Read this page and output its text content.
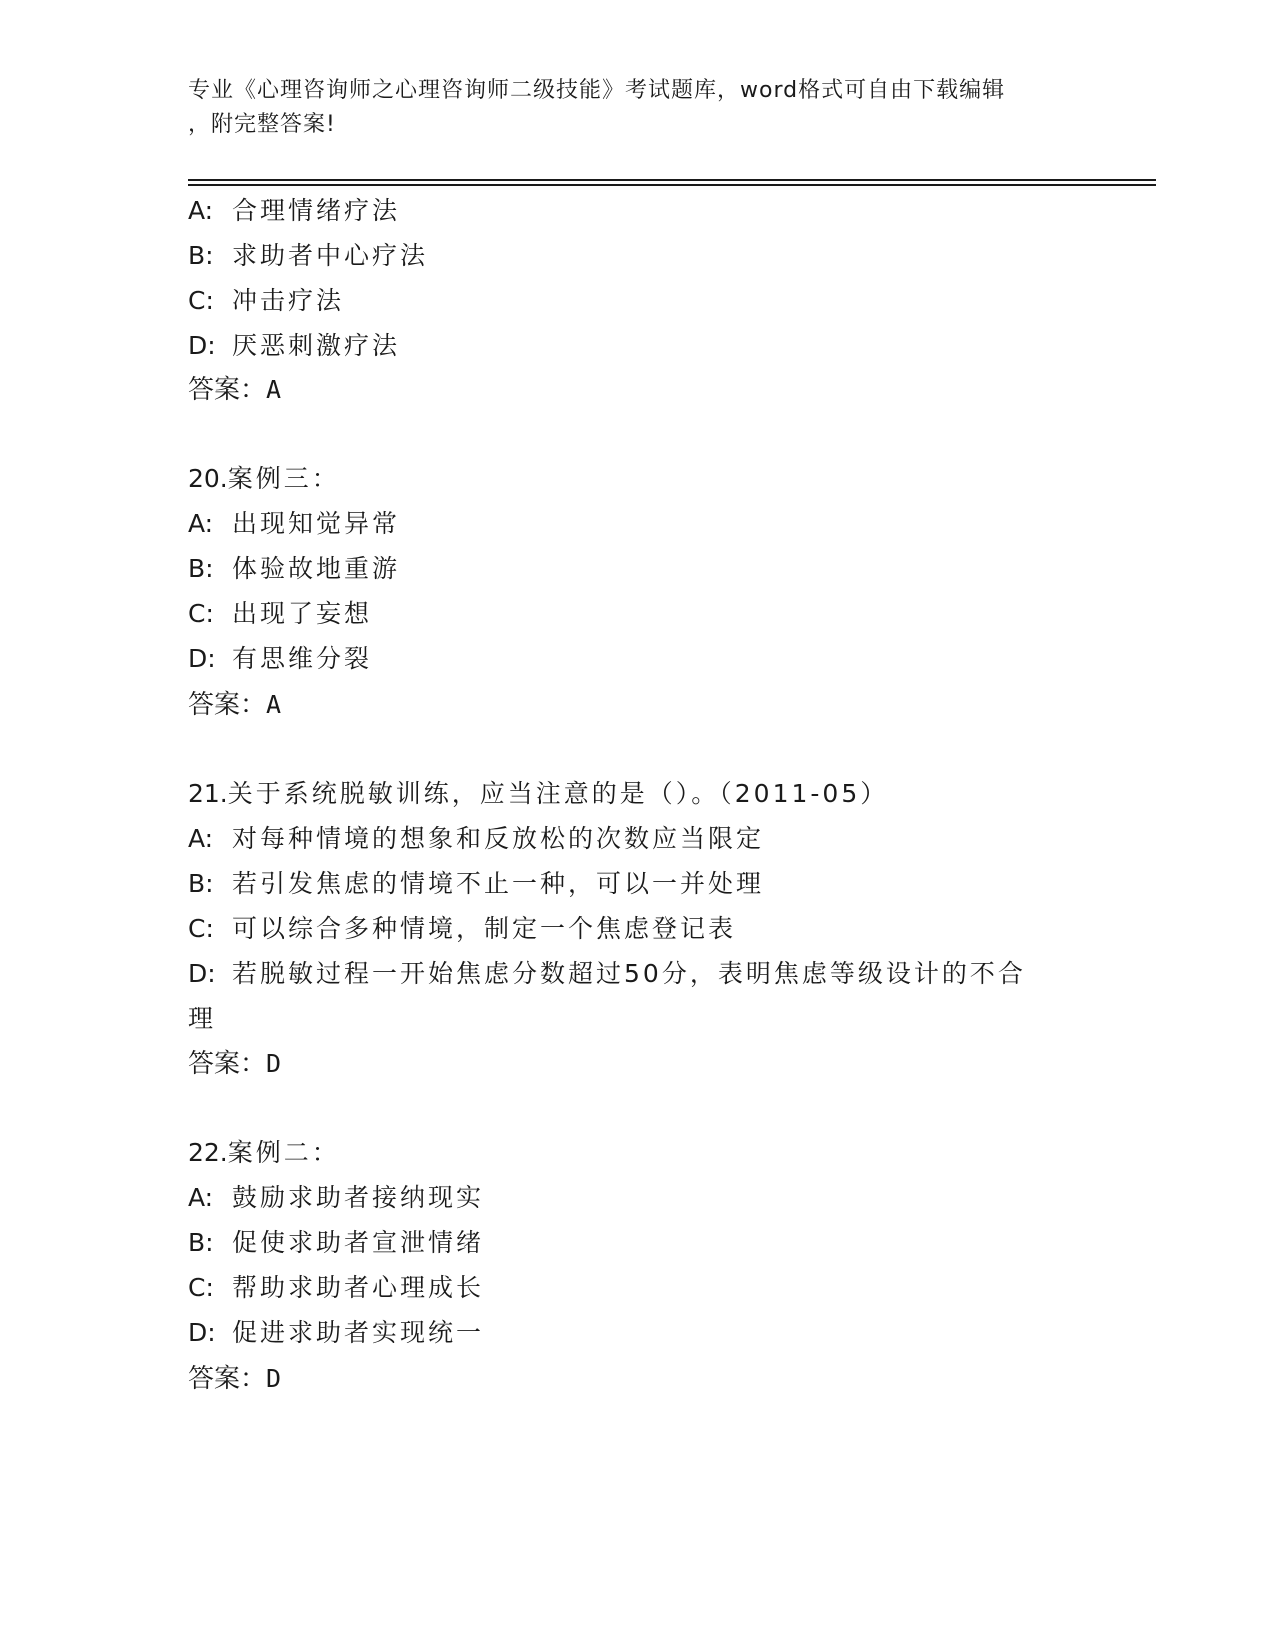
专业《心理咨询师之心理咨询师二级技能》考试题库，word格式可自由下载编辑
，附完整答案!
A: 合理情绪疗法
B: 求助者中心疗法
C: 冲击疗法
D: 厌恶刺激疗法
答案：A
20.案例三：
A: 出现知觉异常
B: 体验故地重游
C: 出现了妄想
D: 有思维分裂
答案：A
21.关于系统脱敏训练，应当注意的是（）。（2011-05）
A: 对每种情境的想象和反放松的次数应当限定
B: 若引发焦虑的情境不止一种，可以一并处理
C: 可以综合多种情境，制定一个焦虑登记表
D: 若脱敏过程一开始焦虑分数超过50分，表明焦虑等级设计的不合
理
答案：D
22.案例二：
A: 鼓励求助者接纳现实
B: 促使求助者宣泄情绪
C: 帮助求助者心理成长
D: 促进求助者实现统一
答案：D
